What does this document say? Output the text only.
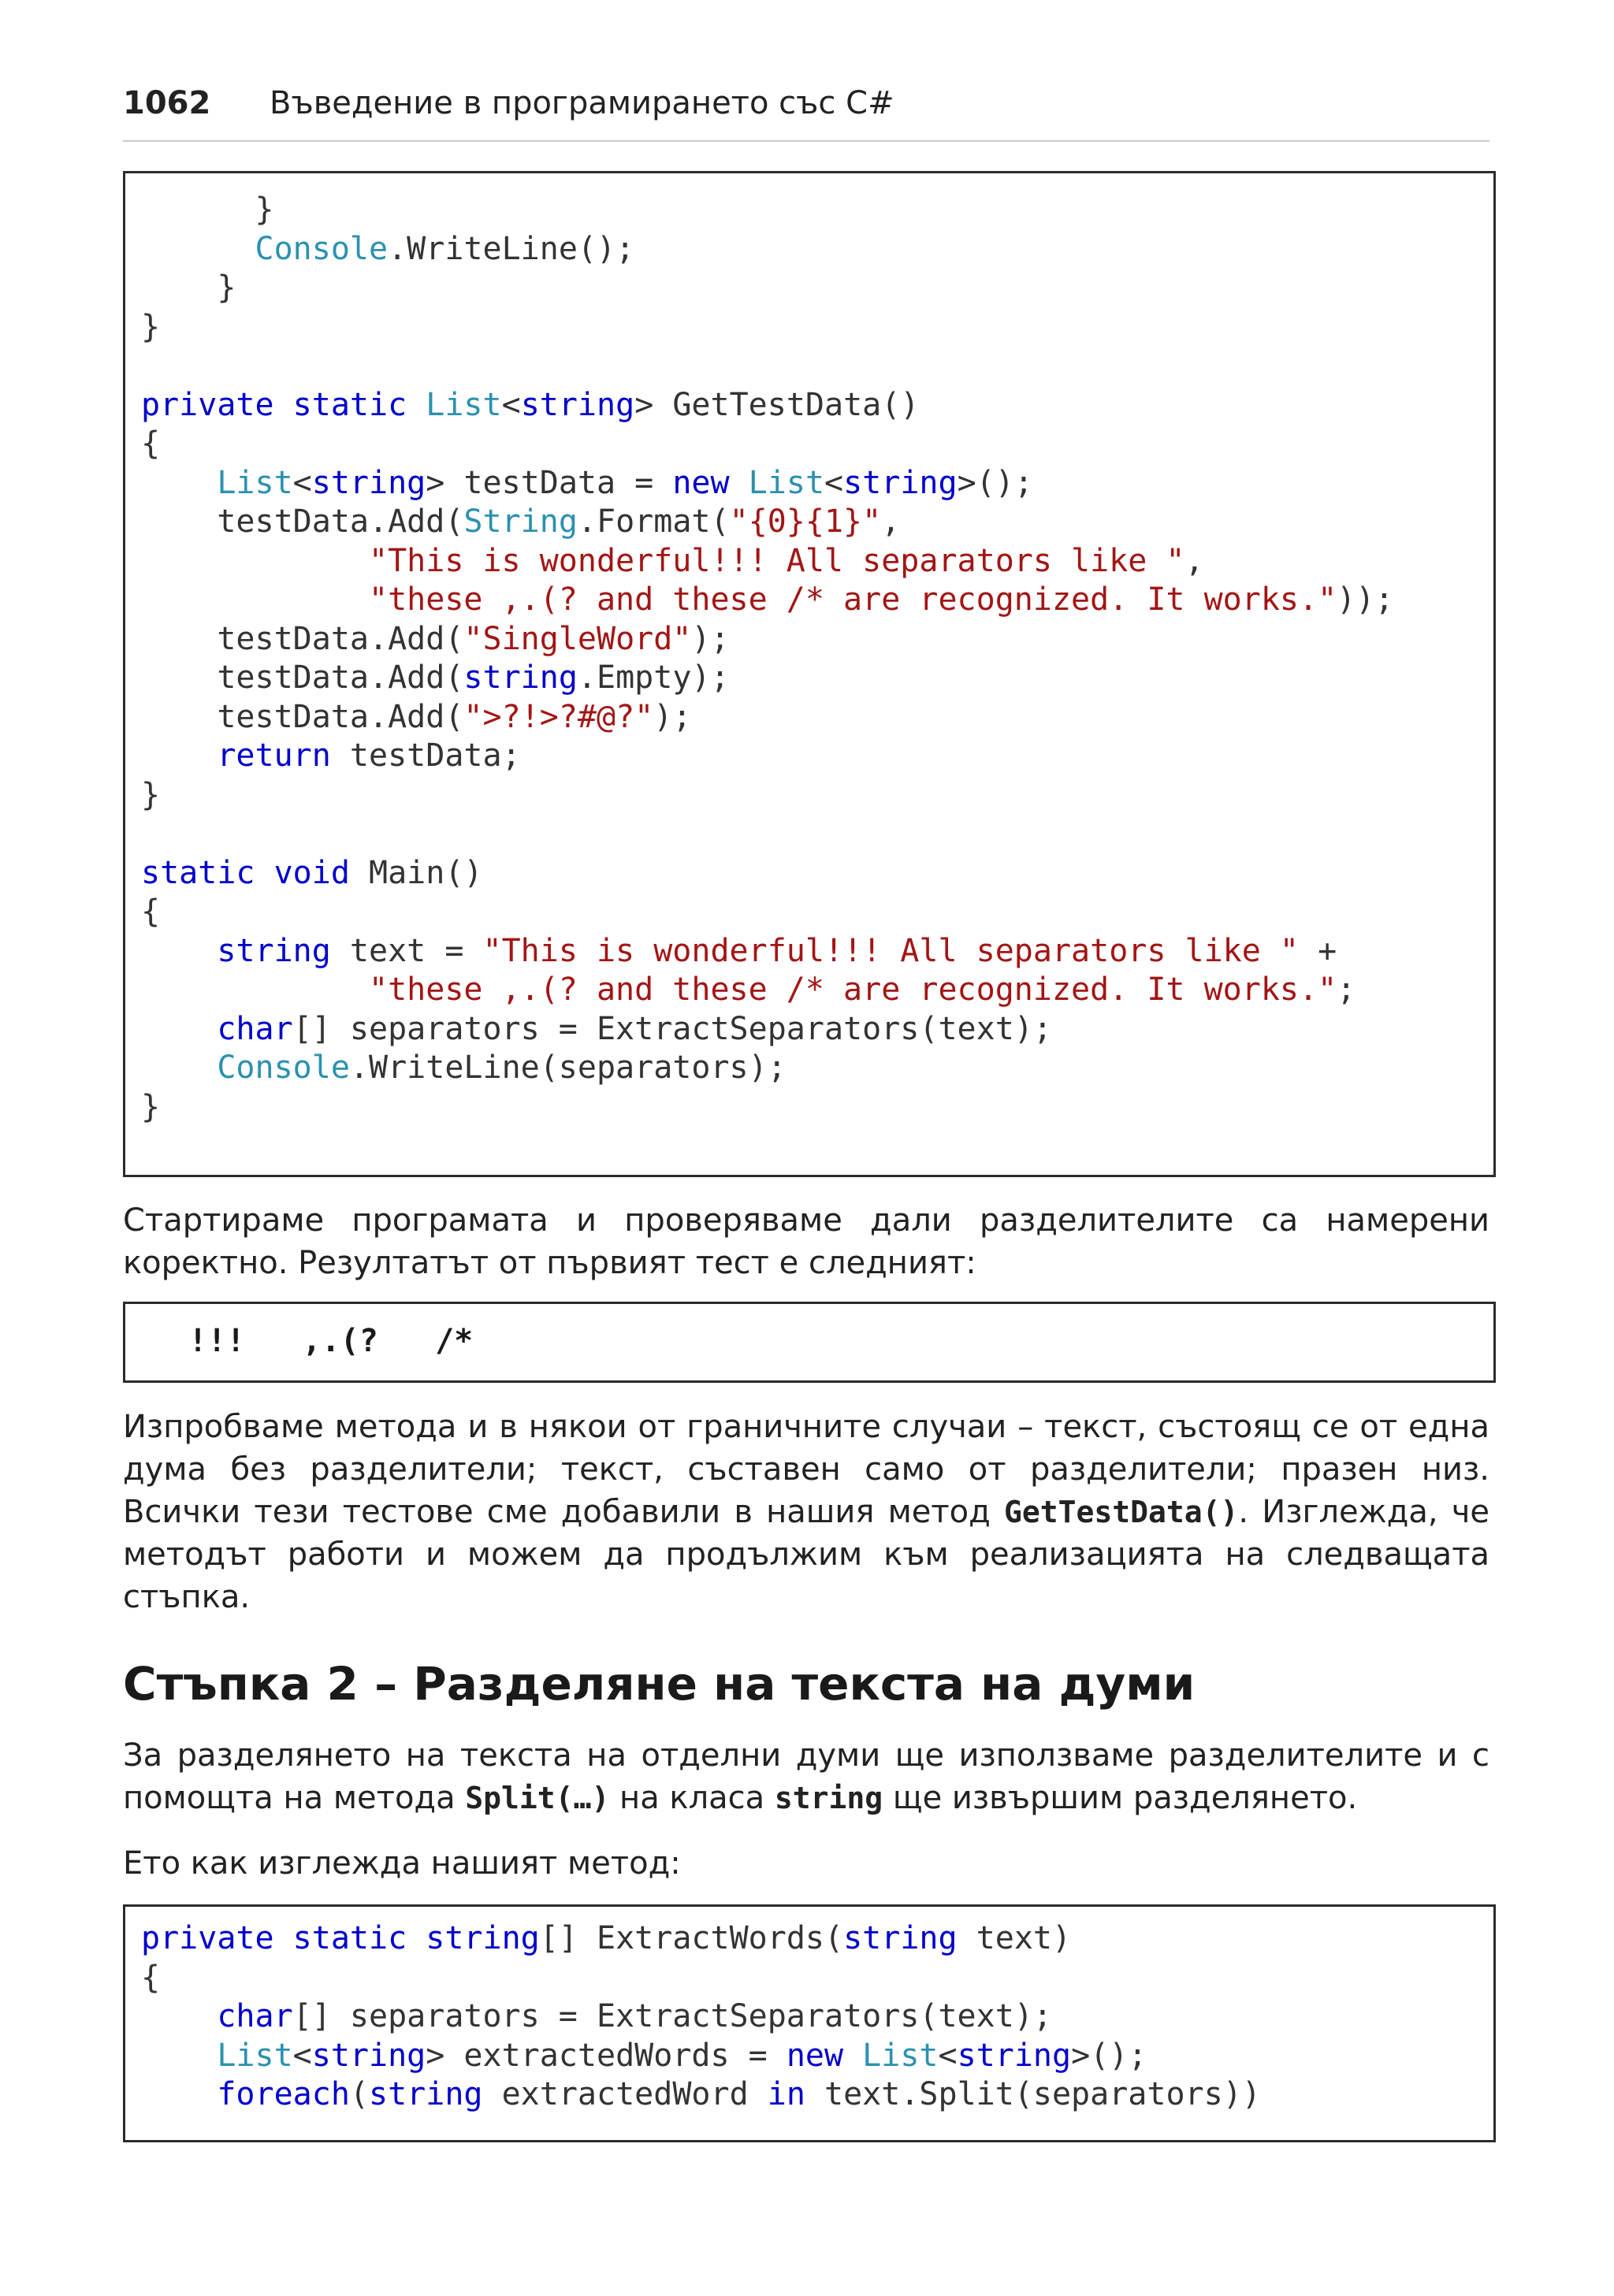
1062 Въведение в програмирането със C#
}
Console.WriteLine();
}
}

private static List<string> GetTestData()
{
List<string> testData = new List<string>();
testData.Add(String.Format("{0}{1}",
"This is wonderful!!! All separators like ",
"these ,.(? and these /* are recognized. It works."));
testData.Add("SingleWord");
testData.Add(string.Empty);
testData.Add(">?!>?#@?");
return testData;
}

static void Main()
{
string text = "This is wonderful!!! All separators like " +
"these ,.(? and these /* are recognized. It works.";
char[] separators = ExtractSeparators(text);
Console.WriteLine(separators);
}

Стартираме програмата и проверяваме дали разделителите са намерени коректно. Резултатът от първият тест е следният:

!!!   ,.(?   /*

Изпробваме метода и в някои от граничните случаи – текст, състоящ се от една дума без разделители; текст, съставен само от разделители; празен низ. Всички тези тестове сме добавили в нашия метод GetTestData(). Изглежда, че методът работи и можем да продължим към реализацията на следващата стъпка.

Стъпка 2 – Разделяне на текста на думи

За разделянето на текста на отделни думи ще използваме разделителите и с помощта на метода Split(…) на класа string ще извършим разделянето.

Ето как изглежда нашият метод:

private static string[] ExtractWords(string text)
{
char[] separators = ExtractSeparators(text);
List<string> extractedWords = new List<string>();
foreach(string extractedWord in text.Split(separators))
